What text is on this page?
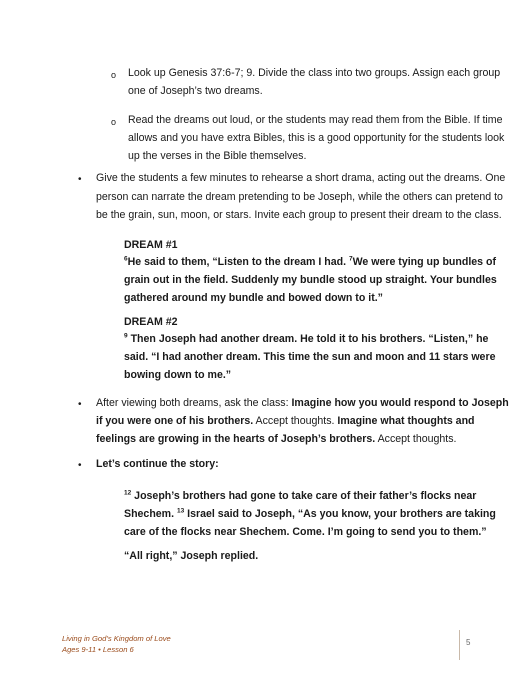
o Look up Genesis 37:6-7; 9. Divide the class into two groups. Assign each group

one of Joseph’s two dreams.

o Read the dreams out loud, or the students may read them from the Bible. If time

allows and you have extra Bibles, this is a good opportunity for the students look

up the verses in the Bible themselves.

• Give the students a few minutes to rehearse a short drama, acting out the dreams. One

person can narrate the dream pretending to be Joseph, while the others can pretend to

be the grain, sun, moon, or stars. Invite each group to present their dream to the class.

DREAM #1

$^6$He said to them, “Listen to the dream I had. $^7$We were tying up bundles of

grain out in the field. Suddenly my bundle stood up straight. Your bundles

gathered around my bundle and bowed down to it.”

DREAM #2

$^9$ Then Joseph had another dream. He told it to his brothers. “Listen,” he

said. “I had another dream. This time the sun and moon and 11 stars were

bowing down to me.”

• After viewing both dreams, ask the class: Imagine how you would respond to Joseph

if you were one of his brothers. Accept thoughts. Imagine what thoughts and

feelings are growing in the hearts of Joseph’s brothers. Accept thoughts.

• Let’s continue the story:

$^{12}$ Joseph’s brothers had gone to take care of their father’s flocks near

Shechem. $^{13}$ Israel said to Joseph, “As you know, your brothers are taking

care of the flocks near Shechem. Come. I’m going to send you to them.”

“All right,” Joseph replied.

Living in God’s Kingdom of Love
Ages 9-11 • Lesson 6
5
